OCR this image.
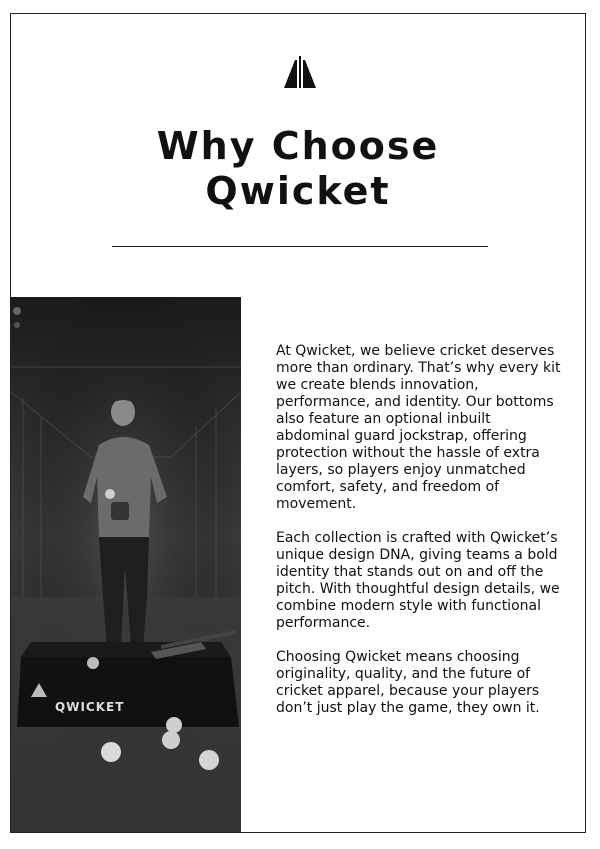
Why Choose
Qwicket
QWICKET

At Qwicket, we believe cricket deserves more than ordinary. That’s why every kit we create blends innovation, performance, and identity. Our bottoms also feature an optional inbuilt abdominal guard jockstrap, offering protection without the hassle of extra layers, so players enjoy unmatched comfort, safety, and freedom of movement.

Each collection is crafted with Qwicket’s unique design DNA, giving teams a bold identity that stands out on and off the pitch. With thoughtful design details, we combine modern style with functional performance.

Choosing Qwicket means choosing originality, quality, and the future of cricket apparel, because your players don’t just play the game, they own it.
